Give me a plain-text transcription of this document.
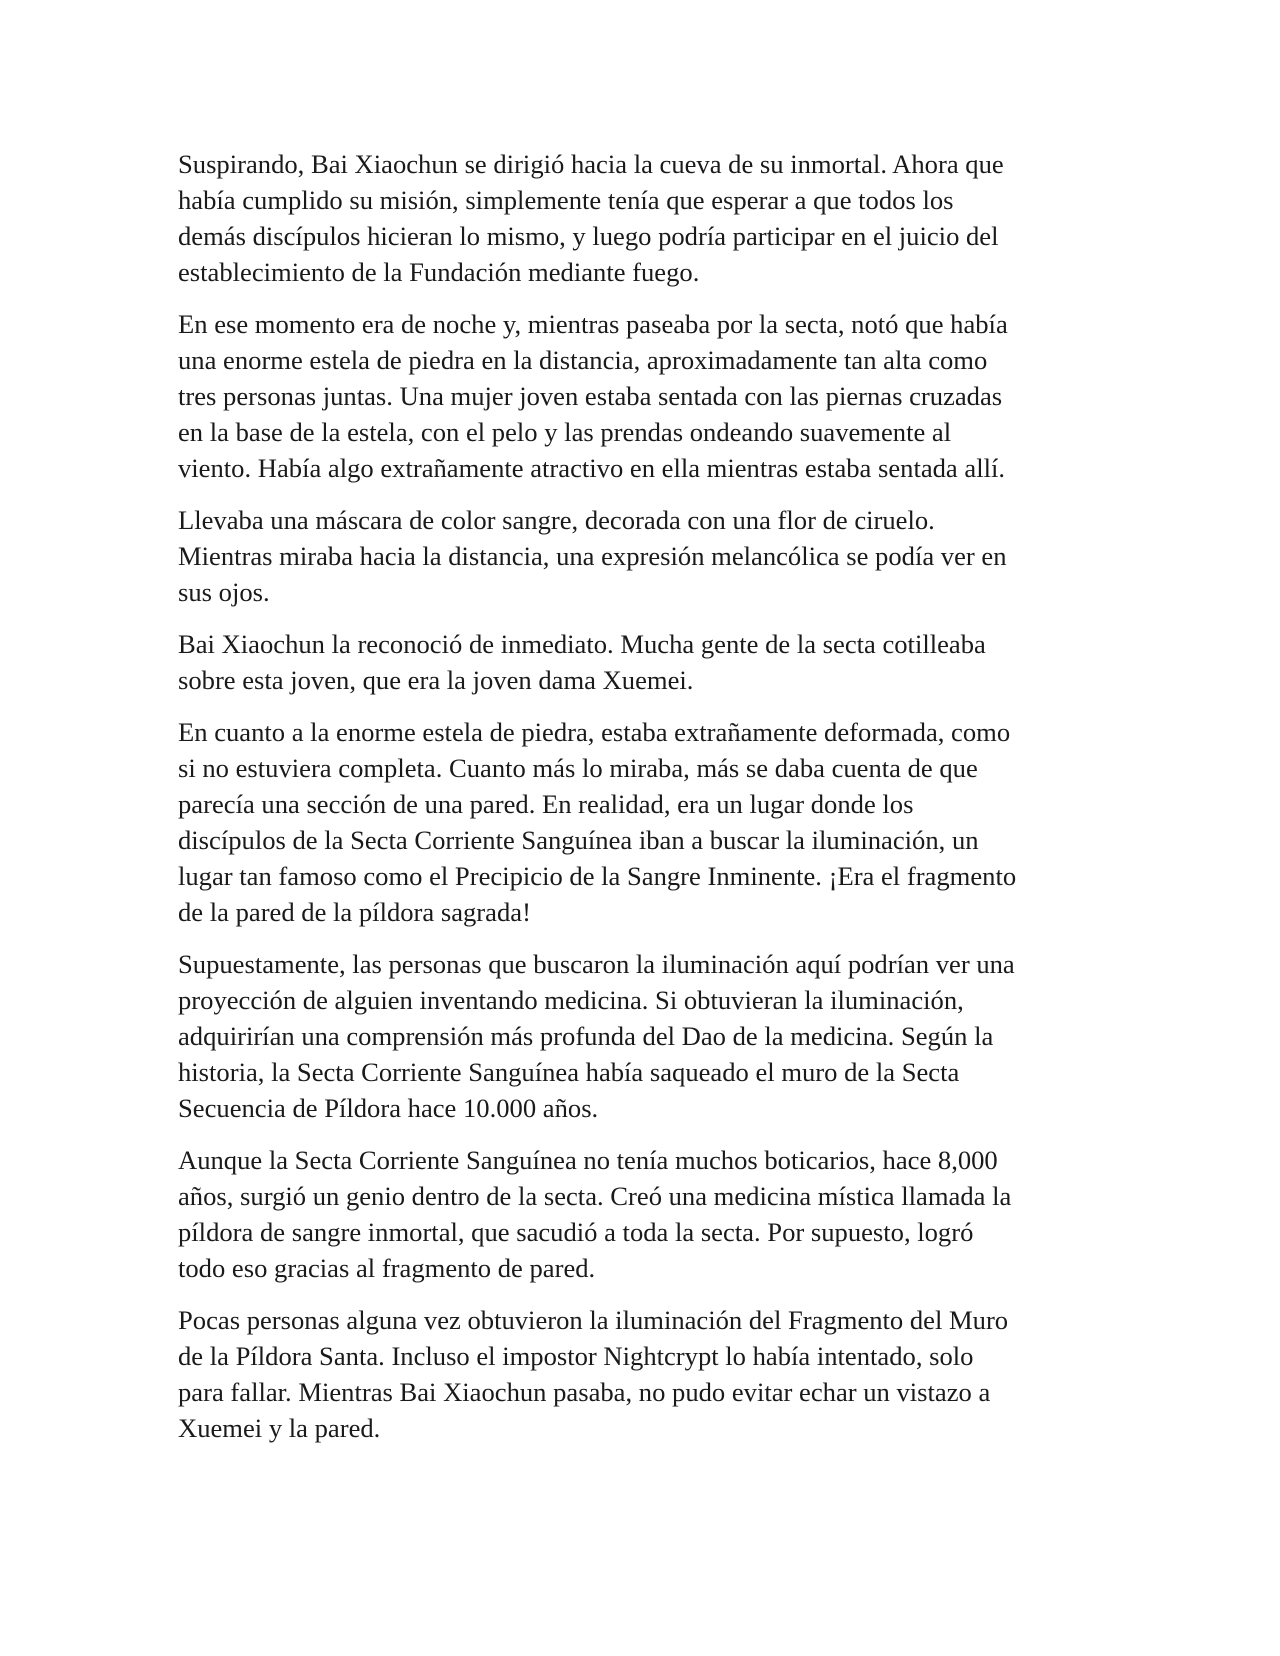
Suspirando, Bai Xiaochun se dirigió hacia la cueva de su inmortal. Ahora que
había cumplido su misión, simplemente tenía que esperar a que todos los
demás discípulos hicieran lo mismo, y luego podría participar en el juicio del
establecimiento de la Fundación mediante fuego.
En ese momento era de noche y, mientras paseaba por la secta, notó que había
una enorme estela de piedra en la distancia, aproximadamente tan alta como
tres personas juntas. Una mujer joven estaba sentada con las piernas cruzadas
en la base de la estela, con el pelo y las prendas ondeando suavemente al
viento. Había algo extrañamente atractivo en ella mientras estaba sentada allí.
Llevaba una máscara de color sangre, decorada con una flor de ciruelo.
Mientras miraba hacia la distancia, una expresión melancólica se podía ver en
sus ojos.
Bai Xiaochun la reconoció de inmediato. Mucha gente de la secta cotilleaba
sobre esta joven, que era la joven dama Xuemei.
En cuanto a la enorme estela de piedra, estaba extrañamente deformada, como
si no estuviera completa. Cuanto más lo miraba, más se daba cuenta de que
parecía una sección de una pared. En realidad, era un lugar donde los
discípulos de la Secta Corriente Sanguínea iban a buscar la iluminación, un
lugar tan famoso como el Precipicio de la Sangre Inminente. ¡Era el fragmento
de la pared de la píldora sagrada!
Supuestamente, las personas que buscaron la iluminación aquí podrían ver una
proyección de alguien inventando medicina. Si obtuvieran la iluminación,
adquirirían una comprensión más profunda del Dao de la medicina. Según la
historia, la Secta Corriente Sanguínea había saqueado el muro de la Secta
Secuencia de Píldora hace 10.000 años.
Aunque la Secta Corriente Sanguínea no tenía muchos boticarios, hace 8,000
años, surgió un genio dentro de la secta. Creó una medicina mística llamada la
píldora de sangre inmortal, que sacudió a toda la secta. Por supuesto, logró
todo eso gracias al fragmento de pared.
Pocas personas alguna vez obtuvieron la iluminación del Fragmento del Muro
de la Píldora Santa. Incluso el impostor Nightcrypt lo había intentado, solo
para fallar. Mientras Bai Xiaochun pasaba, no pudo evitar echar un vistazo a
Xuemei y la pared.
